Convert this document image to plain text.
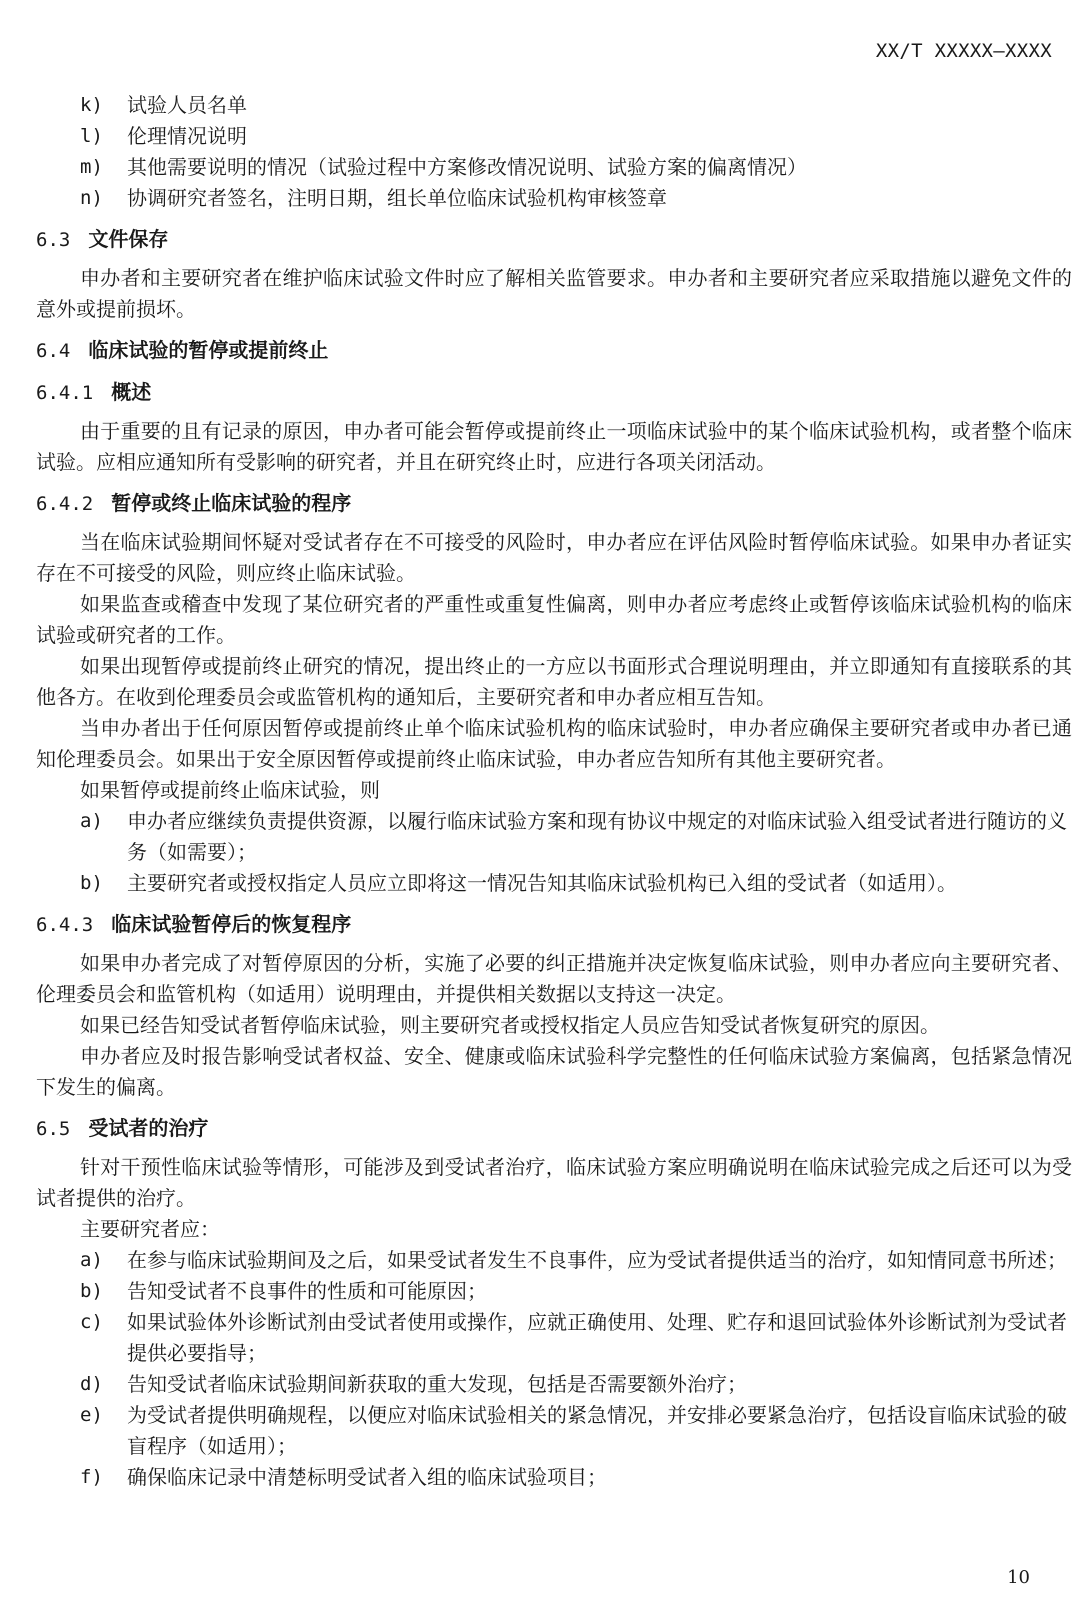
XX/T XXXXX—XXXX
k)	试验人员名单
l)	伦理情况说明
m)	其他需要说明的情况（试验过程中方案修改情况说明、试验方案的偏离情况）
n)	协调研究者签名，注明日期，组长单位临床试验机构审核签章
6.3 文件保存
申办者和主要研究者在维护临床试验文件时应了解相关监管要求。申办者和主要研究者应采取措施以避免文件的意外或提前损坏。
6.4 临床试验的暂停或提前终止
6.4.1 概述
由于重要的且有记录的原因，申办者可能会暂停或提前终止一项临床试验中的某个临床试验机构，或者整个临床试验。应相应通知所有受影响的研究者，并且在研究终止时，应进行各项关闭活动。
6.4.2 暂停或终止临床试验的程序
当在临床试验期间怀疑对受试者存在不可接受的风险时，申办者应在评估风险时暂停临床试验。如果申办者证实存在不可接受的风险，则应终止临床试验。
如果监查或稽查中发现了某位研究者的严重性或重复性偏离，则申办者应考虑终止或暂停该临床试验机构的临床试验或研究者的工作。
如果出现暂停或提前终止研究的情况，提出终止的一方应以书面形式合理说明理由，并立即通知有直接联系的其他各方。在收到伦理委员会或监管机构的通知后，主要研究者和申办者应相互告知。
当申办者出于任何原因暂停或提前终止单个临床试验机构的临床试验时，申办者应确保主要研究者或申办者已通知伦理委员会。如果出于安全原因暂停或提前终止临床试验，申办者应告知所有其他主要研究者。
如果暂停或提前终止临床试验，则
a)	申办者应继续负责提供资源，以履行临床试验方案和现有协议中规定的对临床试验入组受试者进行随访的义务（如需要）；
b)	主要研究者或授权指定人员应立即将这一情况告知其临床试验机构已入组的受试者（如适用）。
6.4.3 临床试验暂停后的恢复程序
如果申办者完成了对暂停原因的分析，实施了必要的纠正措施并决定恢复临床试验，则申办者应向主要研究者、伦理委员会和监管机构（如适用）说明理由，并提供相关数据以支持这一决定。
如果已经告知受试者暂停临床试验，则主要研究者或授权指定人员应告知受试者恢复研究的原因。
申办者应及时报告影响受试者权益、安全、健康或临床试验科学完整性的任何临床试验方案偏离，包括紧急情况下发生的偏离。
6.5 受试者的治疗
针对干预性临床试验等情形，可能涉及到受试者治疗，临床试验方案应明确说明在临床试验完成之后还可以为受试者提供的治疗。
主要研究者应：
a)	在参与临床试验期间及之后，如果受试者发生不良事件，应为受试者提供适当的治疗，如知情同意书所述；
b)	告知受试者不良事件的性质和可能原因；
c)	如果试验体外诊断试剂由受试者使用或操作，应就正确使用、处理、贮存和退回试验体外诊断试剂为受试者提供必要指导；
d)	告知受试者临床试验期间新获取的重大发现，包括是否需要额外治疗；
e)	为受试者提供明确规程，以便应对临床试验相关的紧急情况，并安排必要紧急治疗，包括设盲临床试验的破盲程序（如适用）；
f)	确保临床记录中清楚标明受试者入组的临床试验项目；
10
